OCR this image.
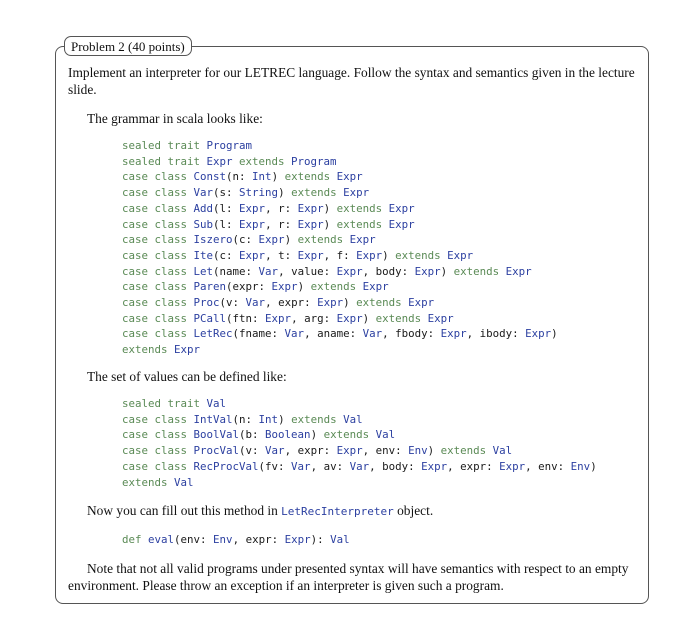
Problem 2 (40 points)
Implement an interpreter for our LETREC language. Follow the syntax and semantics given in the lecture slide.
The grammar in scala looks like:
sealed trait Program
sealed trait Expr extends Program
case class Const(n: Int) extends Expr
case class Var(s: String) extends Expr
case class Add(l: Expr, r: Expr) extends Expr
case class Sub(l: Expr, r: Expr) extends Expr
case class Iszero(c: Expr) extends Expr
case class Ite(c: Expr, t: Expr, f: Expr) extends Expr
case class Let(name: Var, value: Expr, body: Expr) extends Expr
case class Paren(expr: Expr) extends Expr
case class Proc(v: Var, expr: Expr) extends Expr
case class PCall(ftn: Expr, arg: Expr) extends Expr
case class LetRec(fname: Var, aname: Var, fbody: Expr, ibody: Expr)
extends Expr
The set of values can be defined like:
sealed trait Val
case class IntVal(n: Int) extends Val
case class BoolVal(b: Boolean) extends Val
case class ProcVal(v: Var, expr: Expr, env: Env) extends Val
case class RecProcVal(fv: Var, av: Var, body: Expr, expr: Expr, env: Env)
extends Val
Now you can fill out this method in LetRecInterpreter object.
def eval(env: Env, expr: Expr): Val
Note that not all valid programs under presented syntax will have semantics with respect to an empty environment. Please throw an exception if an interpreter is given such a program.
